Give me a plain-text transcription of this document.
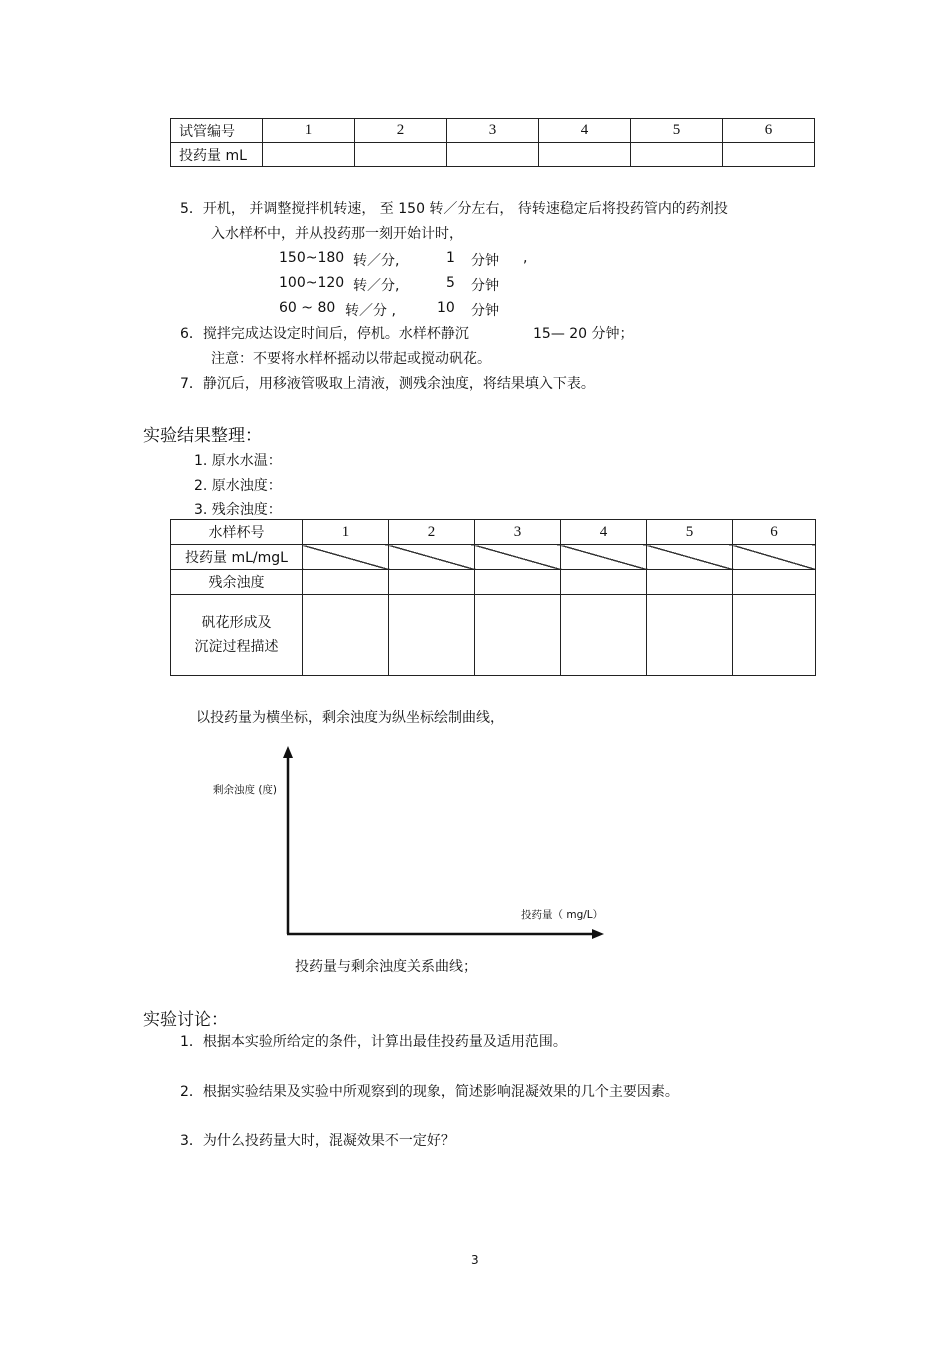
试管编号	1	2	3	4	5	6
投药量 mL						
5．开机， 并调整搅拌机转速， 至 150 转／分左右， 待转速稳定后将投药管内的药剂投
入水样杯中，并从投药那一刻开始计时，
150~180 转／分,	1 分钟 ,
100~120 转／分,	5 分钟
60 ~ 80 转／分 ,	10 分钟
6．搅拌完成达设定时间后，停机。水样杯静沉	15— 20 分钟；
注意：不要将水样杯摇动以带起或搅动矾花。
7．静沉后，用移液管吸取上清液，测残余浊度，将结果填入下表。
实验结果整理：
1. 原水水温：
2. 原水浊度：
3. 残余浊度：
水样杯号	1	2	3	4	5	6
投药量 mL/mgL						
残余浊度						

矾花形成及
沉淀过程描述						

以投药量为横坐标，剩余浊度为纵坐标绘制曲线，
剩余浊度 (度)
投药量（ mg/L）
投药量与剩余浊度关系曲线；
实验讨论：
1．根据本实验所给定的条件，计算出最佳投药量及适用范围。
2．根据实验结果及实验中所观察到的现象，简述影响混凝效果的几个主要因素。
3．为什么投药量大时，混凝效果不一定好？
3
